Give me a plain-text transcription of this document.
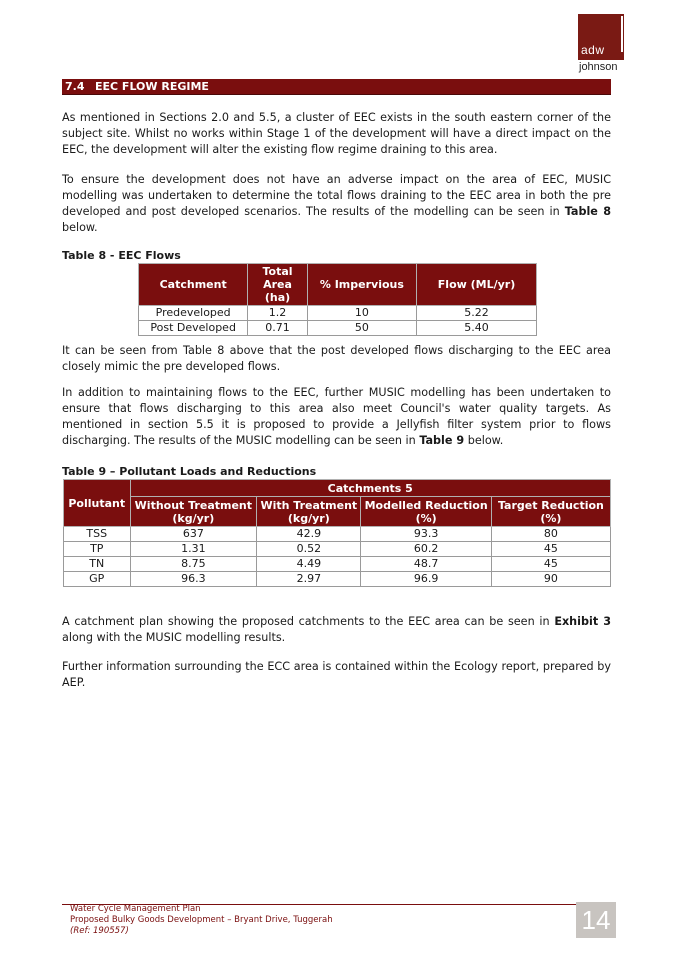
adw
johnson
7.4 EEC FLOW REGIME

As mentioned in Sections 2.0 and 5.5, a cluster of EEC exists in the south eastern corner of the subject site. Whilst no works within Stage 1 of the development will have a direct impact on the EEC, the development will alter the existing flow regime draining to this area.

To ensure the development does not have an adverse impact on the area of EEC, MUSIC modelling was undertaken to determine the total flows draining to the EEC area in both the pre developed and post developed scenarios. The results of the modelling can be seen in Table 8 below.

Table 8 - EEC Flows
Catchment	Total Area (ha)	% Impervious	Flow (ML/yr)
Predeveloped	1.2	10	5.22
Post Developed	0.71	50	5.40

It can be seen from Table 8 above that the post developed flows discharging to the EEC area closely mimic the pre developed flows.

In addition to maintaining flows to the EEC, further MUSIC modelling has been undertaken to ensure that flows discharging to this area also meet Council's water quality targets. As mentioned in section 5.5 it is proposed to provide a Jellyfish filter system prior to flows discharging. The results of the MUSIC modelling can be seen in Table 9 below.

Table 9 – Pollutant Loads and Reductions
Pollutant	Catchments 5			
	Without Treatment (kg/yr)	With Treatment (kg/yr)	Modelled Reduction (%)	Target Reduction (%)
TSS	637	42.9	93.3	80
TP	1.31	0.52	60.2	45
TN	8.75	4.49	48.7	45
GP	96.3	2.97	96.9	90

A catchment plan showing the proposed catchments to the EEC area can be seen in Exhibit 3 along with the MUSIC modelling results.

Further information surrounding the ECC area is contained within the Ecology report, prepared by AEP.

Water Cycle Management Plan
Proposed Bulky Goods Development – Bryant Drive, Tuggerah
(Ref: 190557)	14
